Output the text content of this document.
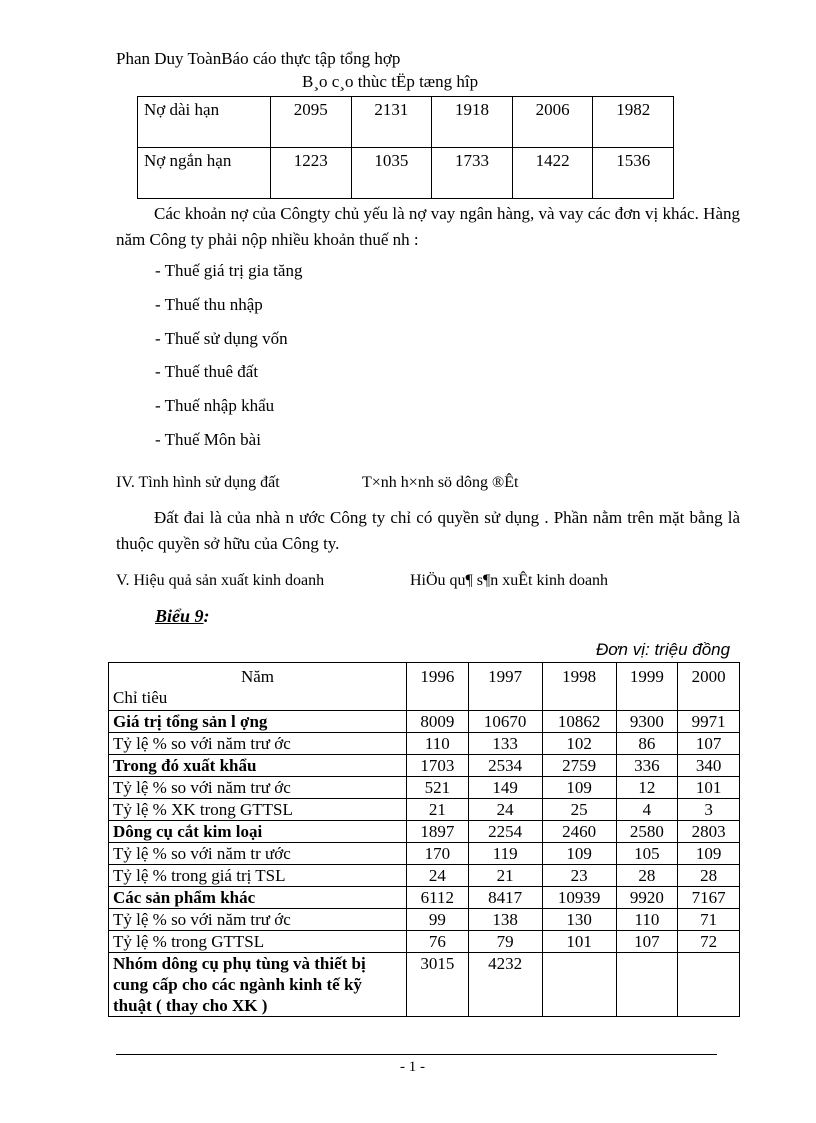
Phan Duy ToànBáo cáo thực tập tổng hợp
B¸o c¸o thùc tËp tæng hîp
Nợ dài hạn	2095	2131	1918	2006	1982
Nợ ngắn hạn	1223	1035	1733	1422	1536
Các khoản nợ của Côngty chủ yếu là nợ vay ngân hàng, và vay các đơn vị khác. Hàng năm Công ty phải nộp nhiều khoản thuế nh :
- Thuế giá trị gia tăng
- Thuế thu nhập
- Thuế sử dụng vốn
- Thuế thuê đất
- Thuế nhập khẩu
- Thuế Môn bài
IV. Tình hình sử dụng đất	T×nh h×nh sö dông ®Êt
Đất đai là của nhà n ước Công ty chỉ có quyền sử dụng . Phần nằm trên mặt bằng là thuộc quyền sở hữu của Công ty.
V. Hiệu quả sản xuất kinh doanh	HiÖu qu¶ s¶n xuÊt kinh doanh
Biểu 9:
Đơn vị: triệu đồng
Năm
Chỉ tiêu	1996	1997	1998	1999	2000
Giá trị tổng sản l ợng	8009	10670	10862	9300	9971
Tỷ lệ % so với năm trư ớc	110	133	102	86	107
Trong đó xuất khẩu	1703	2534	2759	336	340
Tỷ lệ % so với năm trư ớc	521	149	109	12	101
Tỷ lệ % XK trong GTTSL	21	24	25	4	3
Dông cụ cắt kim loại	1897	2254	2460	2580	2803
Tỷ lệ % so với năm tr ước	170	119	109	105	109
Tỷ lệ % trong giá trị TSL	24	21	23	28	28
Các sản phẩm khác	6112	8417	10939	9920	7167
Tỷ lệ % so với năm trư ớc	99	138	130	110	71
Tỷ lệ % trong GTTSL	76	79	101	107	72
Nhóm dông cụ phụ tùng và thiết bị cung cấp cho các ngành kinh tế kỹ thuật ( thay cho XK )	3015	4232			
- 1 -
